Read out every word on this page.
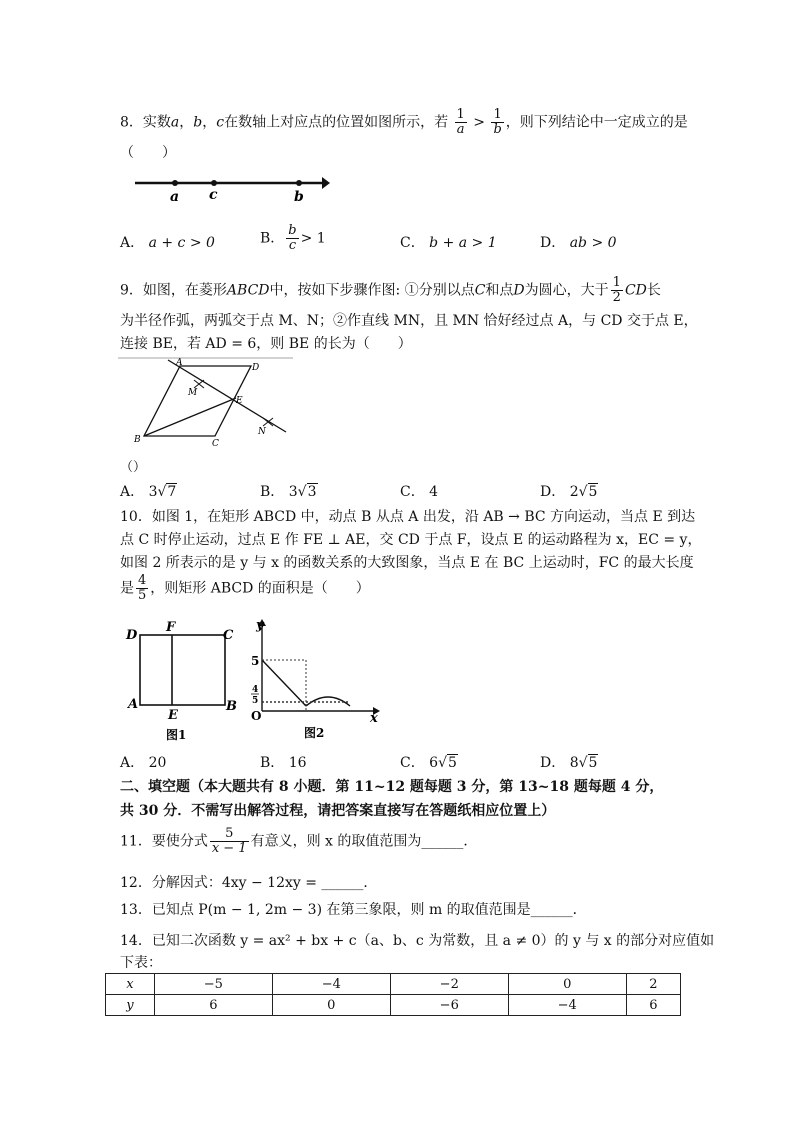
8．实数a，b，c在数轴上对应点的位置如图所示，若 $\frac{1}{a} > \frac{1}{b}$ ，则下列结论中一定成立的是
（　　）
a c	b
A． a + c > 0	B． $\frac{b}{c} > 1$	C． b + a > 1	D． ab > 0
9．如图，在菱形ABCD中，按如下步骤作图: ①分别以点C和点D为圆心，大于 $\frac{1}{2}$ CD长
为半径作弧，两弧交于点 M、N；②作直线 MN，且 MN 恰好经过点 A，与 CD 交于点 E，
连接 BE，若 AD = 6，则 BE 的长为（　　）
A	D
M
E
B	C
N
（）
A． 3√7	B． 3√3	C． 4	D． 2√5
10．如图 1，在矩形 ABCD 中，动点 B 从点 A 出发，沿 AB → BC 方向运动，当点 E 到达
点 C 时停止运动，过点 E 作 FE ⊥ AE，交 CD 于点 F，设点 E 的运动路程为 x，EC = y，
如图 2 所表示的是 y 与 x 的函数关系的大致图象，当点 E 在 BC 上运动时，FC 的最大长度
是 $\frac{4}{5}$ ，则矩形 ABCD 的面积是（　　）
D
F
C
A
E
B
图1
y
5
4
5
O	x
图2
A． 20	B． 16	C． 6√5	D． 8√5
二、填空题（本大题共有 8 小题．第 11~12 题每题 3 分，第 13~18 题每题 4 分，
共 30 分．不需写出解答过程，请把答案直接写在答题纸相应位置上）
11．要使分式 $\frac{5}{x - 1}$ 有意义，则 x 的取值范围为______．
12．分解因式：4xy − 12xy = ______．
13．已知点 P(m − 1, 2m − 3) 在第三象限，则 m 的取值范围是______．
14．已知二次函数 y = ax² + bx + c（a、b、c 为常数，且 a ≠ 0）的 y 与 x 的部分对应值如
下表：
x	−5	−4	−2	0	2
y	6	0	−6	−4	6
